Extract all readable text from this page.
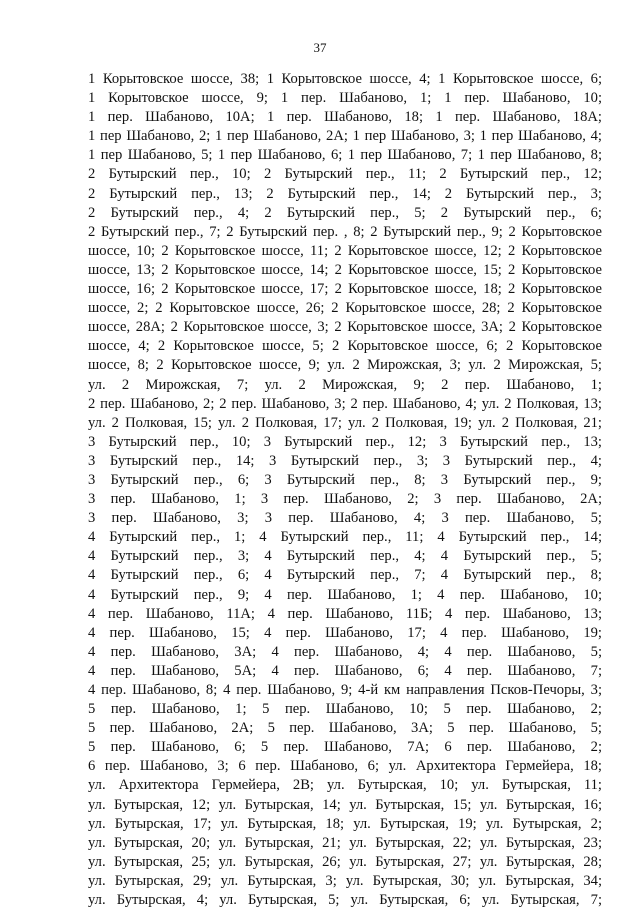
37
1 Корытовское шоссе, 38; 1 Корытовское шоссе, 4; 1 Корытовское шоссе, 6;
1 Корытовское шоссе, 9; 1 пер. Шабаново, 1; 1 пер. Шабаново, 10;
1 пер. Шабаново, 10А; 1 пер. Шабаново, 18; 1 пер. Шабаново, 18А;
1 пер Шабаново, 2; 1 пер Шабаново, 2А; 1 пер Шабаново, 3; 1 пер Шабаново, 4;
1 пер Шабаново, 5; 1 пер Шабаново, 6; 1 пер Шабаново, 7; 1 пер Шабаново, 8;
2 Бутырский пер., 10; 2 Бутырский пер., 11; 2 Бутырский пер., 12;
2 Бутырский пер., 13; 2 Бутырский пер., 14; 2 Бутырский пер., 3;
2 Бутырский пер., 4; 2 Бутырский пер., 5; 2 Бутырский пер., 6;
2 Бутырский пер., 7; 2 Бутырский пер. , 8; 2 Бутырский пер., 9; 2 Корытовское
шоссе, 10; 2 Корытовское шоссе, 11; 2 Корытовское шоссе, 12; 2 Корытовское
шоссе, 13; 2 Корытовское шоссе, 14; 2 Корытовское шоссе, 15; 2 Корытовское
шоссе, 16; 2 Корытовское шоссе, 17; 2 Корытовское шоссе, 18; 2 Корытовское
шоссе, 2; 2 Корытовское шоссе, 26; 2 Корытовское шоссе, 28; 2 Корытовское
шоссе, 28А; 2 Корытовское шоссе, 3; 2 Корытовское шоссе, 3А; 2 Корытовское
шоссе, 4; 2 Корытовское шоссе, 5; 2 Корытовское шоссе, 6; 2 Корытовское
шоссе, 8; 2 Корытовское шоссе, 9; ул. 2 Мирожская, 3; ул. 2 Мирожская, 5;
ул. 2 Мирожская, 7; ул. 2 Мирожская, 9; 2 пер. Шабаново, 1;
2 пер. Шабаново, 2; 2 пер. Шабаново, 3; 2 пер. Шабаново, 4; ул. 2 Полковая, 13;
ул. 2 Полковая, 15; ул. 2 Полковая, 17; ул. 2 Полковая, 19; ул. 2 Полковая, 21;
3 Бутырский пер., 10; 3 Бутырский пер., 12; 3 Бутырский пер., 13;
3 Бутырский пер., 14; 3 Бутырский пер., 3; 3 Бутырский пер., 4;
3 Бутырский пер., 6; 3 Бутырский пер., 8; 3 Бутырский пер., 9;
3 пер. Шабаново, 1; 3 пер. Шабаново, 2; 3 пер. Шабаново, 2А;
3 пер. Шабаново, 3; 3 пер. Шабаново, 4; 3 пер. Шабаново, 5;
4 Бутырский пер., 1; 4 Бутырский пер., 11; 4 Бутырский пер., 14;
4 Бутырский пер., 3; 4 Бутырский пер., 4; 4 Бутырский пер., 5;
4 Бутырский пер., 6; 4 Бутырский пер., 7; 4 Бутырский пер., 8;
4 Бутырский пер., 9; 4 пер. Шабаново, 1; 4 пер. Шабаново, 10;
4 пер. Шабаново, 11А; 4 пер. Шабаново, 11Б; 4 пер. Шабаново, 13;
4 пер. Шабаново, 15; 4 пер. Шабаново, 17; 4 пер. Шабаново, 19;
4 пер. Шабаново, 3А; 4 пер. Шабаново, 4; 4 пер. Шабаново, 5;
4 пер. Шабаново, 5А; 4 пер. Шабаново, 6; 4 пер. Шабаново, 7;
4 пер. Шабаново, 8; 4 пер. Шабаново, 9; 4-й км направления Псков-Печоры, 3;
5 пер. Шабаново, 1; 5 пер. Шабаново, 10; 5 пер. Шабаново, 2;
5 пер. Шабаново, 2А; 5 пер. Шабаново, 3А; 5 пер. Шабаново, 5;
5 пер. Шабаново, 6; 5 пер. Шабаново, 7А; 6 пер. Шабаново, 2;
6 пер. Шабаново, 3; 6 пер. Шабаново, 6; ул. Архитектора Гермейера, 18;
ул. Архитектора Гермейера, 2В; ул. Бутырская, 10; ул. Бутырская, 11;
ул. Бутырская, 12; ул. Бутырская, 14; ул. Бутырская, 15; ул. Бутырская, 16;
ул. Бутырская, 17; ул. Бутырская, 18; ул. Бутырская, 19; ул. Бутырская, 2;
ул. Бутырская, 20; ул. Бутырская, 21; ул. Бутырская, 22; ул. Бутырская, 23;
ул. Бутырская, 25; ул. Бутырская, 26; ул. Бутырская, 27; ул. Бутырская, 28;
ул. Бутырская, 29; ул. Бутырская, 3; ул. Бутырская, 30; ул. Бутырская, 34;
ул. Бутырская, 4; ул. Бутырская, 5; ул. Бутырская, 6; ул. Бутырская, 7;
